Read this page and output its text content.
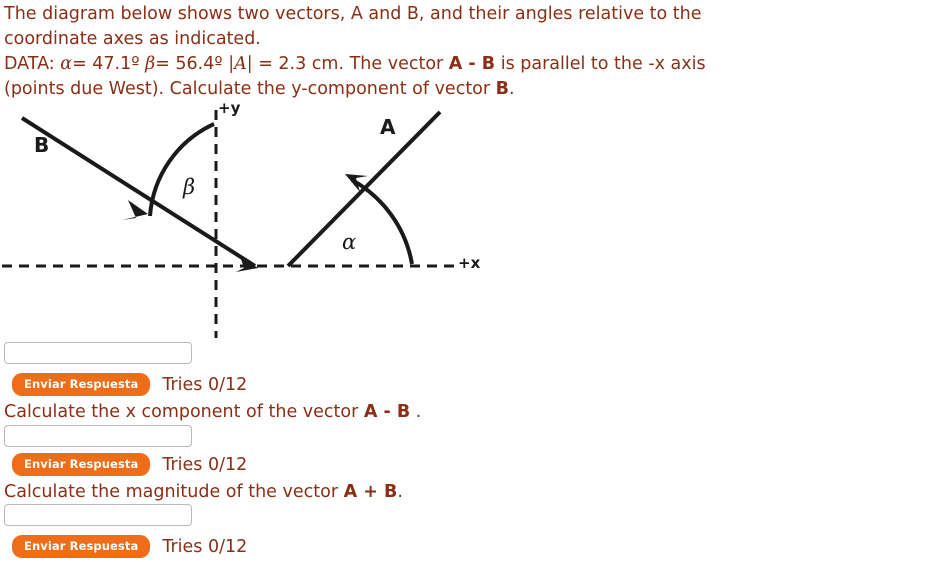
The diagram below shows two vectors, A and B, and their angles relative to the
coordinate axes as indicated.
DATA: α= 47.1º β= 56.4º |A| = 2.3 cm. The vector A - B is parallel to the -x axis
(points due West). Calculate the y-component of vector B.
A
B
α
β
+x
+y
Enviar Respuesta	Tries 0/12
Calculate the x component of the vector A - B .
Enviar Respuesta	Tries 0/12
Calculate the magnitude of the vector A + B.
Enviar Respuesta	Tries 0/12
